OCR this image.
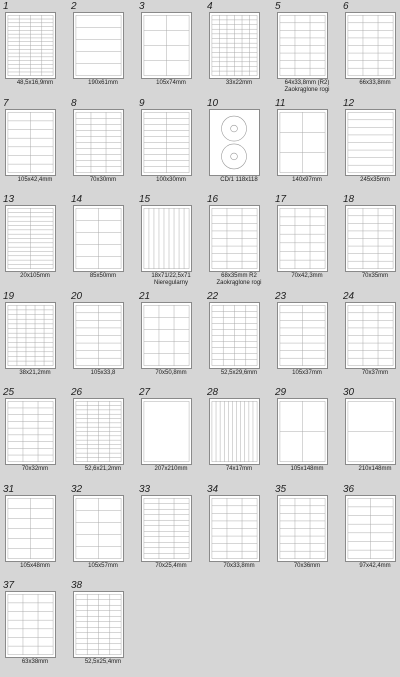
1
48,5x16,9mm
2
190x61mm
3
105x74mm
4
33x22mm
5
64x33,8mm (R2) Zaokrąglone rogi
6
66x33,8mm
7
105x42,4mm
8
70x30mm
9
100x30mm
10
CD/1 118x118
11
140x97mm
12
245x35mm
13
20x105mm
14
85x50mm
15
18x71/22,5x71 Nieregularny
16
68x35mm R2 Zaokrąglone rogi
17
70x42,3mm
18
70x35mm
19
38x21,2mm
20
105x33,8
21
70x50,8mm
22
52,5x29,6mm
23
105x37mm
24
70x37mm
25
70x32mm
26
52,6x21,2mm
27
207x210mm
28
74x17mm
29
105x148mm
30
210x148mm
31
105x48mm
32
105x57mm
33
70x25,4mm
34
70x33,8mm
35
70x36mm
36
97x42,4mm
37
63x38mm
38
52,5x25,4mm
